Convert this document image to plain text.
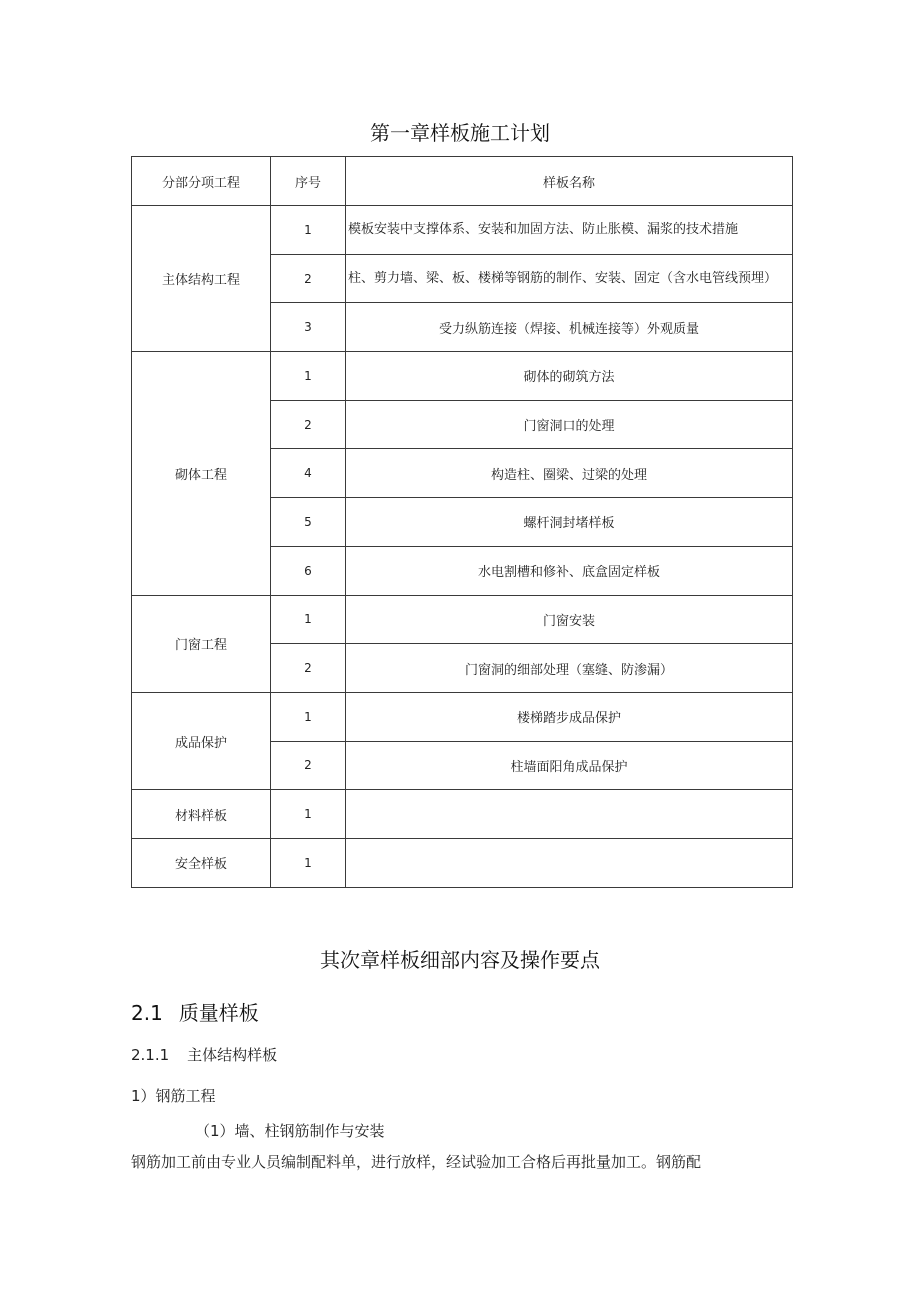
第一章样板施工计划
分部分项工程	序号	样板名称
主体结构工程	1	模板安装中支撑体系、安装和加固方法、防止胀模、漏浆的技术措施
	2	柱、剪力墙、梁、板、楼梯等钢筋的制作、安装、固定（含水电管线预埋）
	3	受力纵筋连接（焊接、机械连接等）外观质量
砌体工程	1	砌体的砌筑方法
	2	门窗洞口的处理
	4	构造柱、圈梁、过梁的处理
	5	螺杆洞封堵样板
	6	水电割槽和修补、底盒固定样板
门窗工程	1	门窗安装
	2	门窗洞的细部处理（塞缝、防渗漏）
成品保护	1	楼梯踏步成品保护
	2	柱墙面阳角成品保护
材料样板	1	
安全样板	1	
其次章样板细部内容及操作要点
2.1 质量样板
2.1.1 主体结构样板
1）钢筋工程
（1）墙、柱钢筋制作与安装
钢筋加工前由专业人员编制配料单，进行放样，经试验加工合格后再批量加工。钢筋配
